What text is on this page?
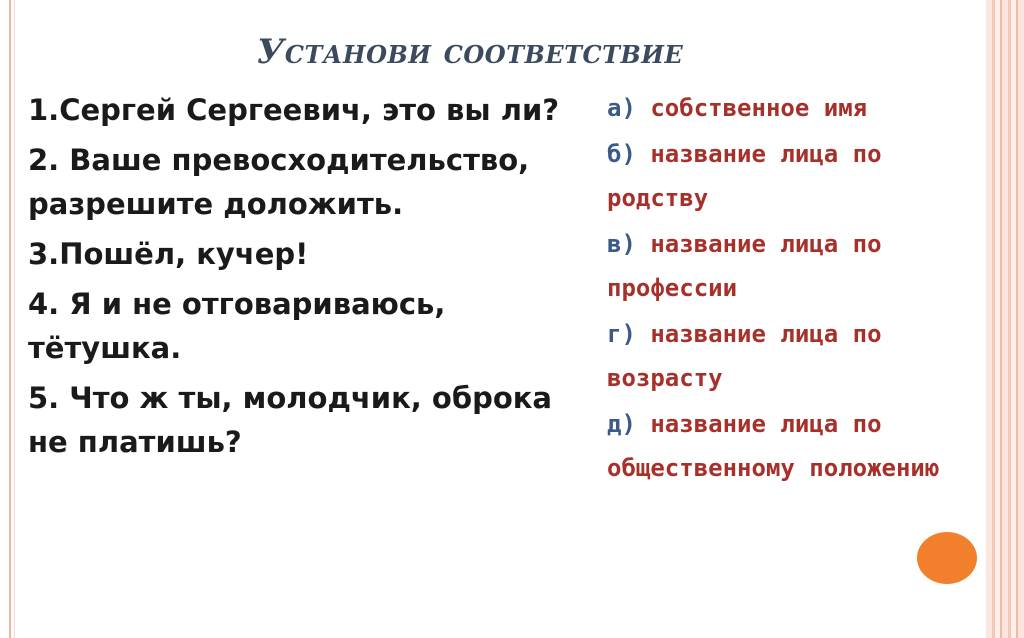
Установи соответствие
1.Сергей Сергеевич, это вы ли?
2. Ваше превосходительство, разрешите доложить.
3.Пошёл, кучер!
4. Я и не отговариваюсь, тётушка.
5. Что ж ты, молодчик, оброка не платишь?
а) собственное имя
б) название лица по родству
в) название лица по профессии
г) название лица по возрасту
д) название лица по общественному положению
